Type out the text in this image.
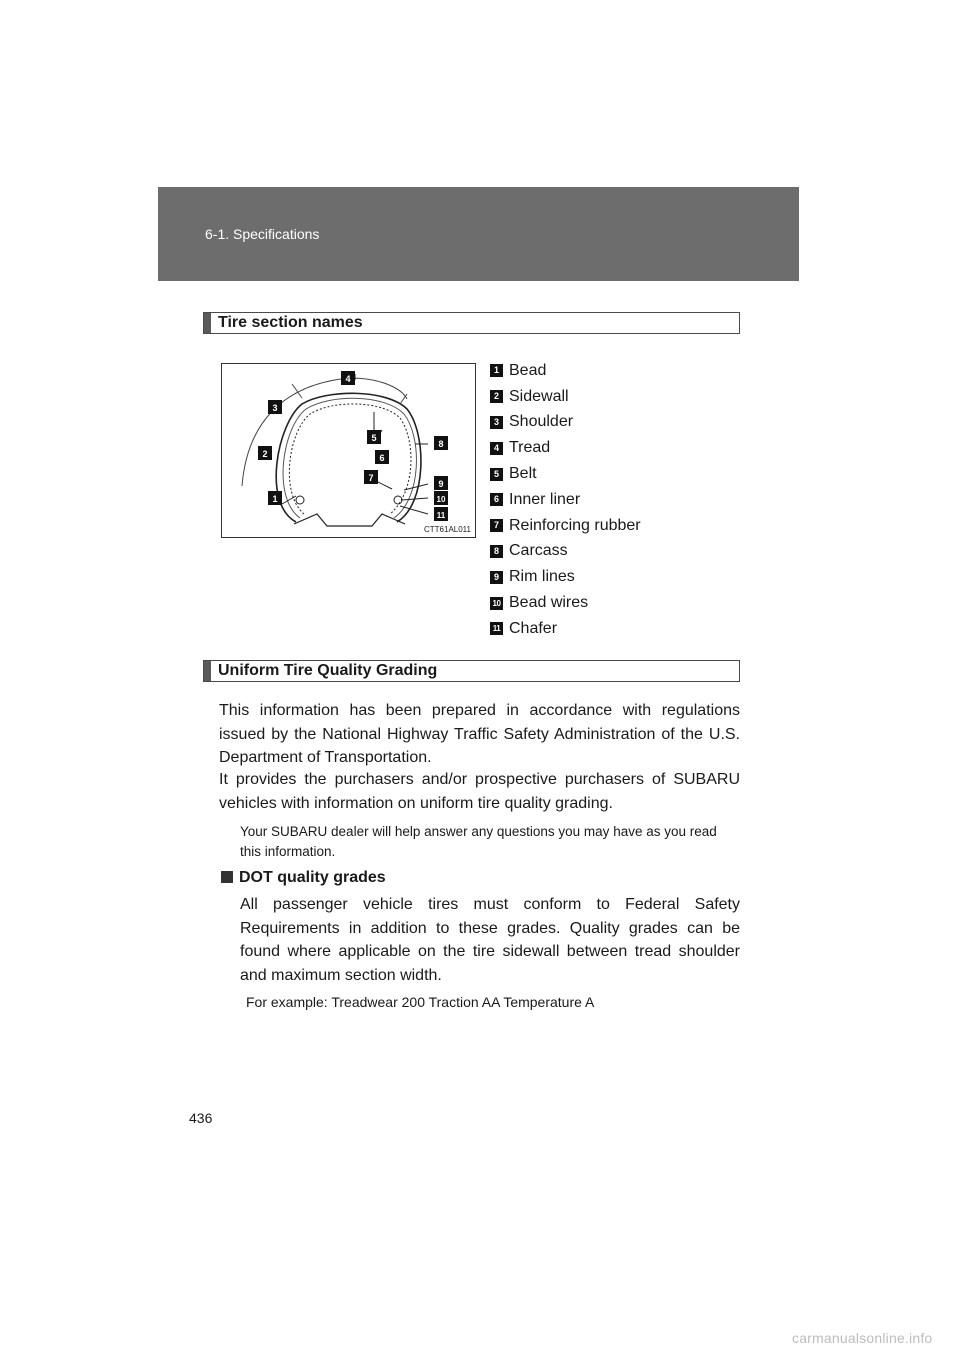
6-1. Specifications
Tire section names
1
2
3
4
5
6
7
8
9
10
11
CTT61AL011
1 Bead
2 Sidewall
3 Shoulder
4 Tread
5 Belt
6 Inner liner
7 Reinforcing rubber
8 Carcass
9 Rim lines
10 Bead wires
11 Chafer
Uniform Tire Quality Grading

This information has been prepared in accordance with regulations issued by the National Highway Traffic Safety Administration of the U.S. Department of Transportation.

It provides the purchasers and/or prospective purchasers of SUBARU vehicles with information on uniform tire quality grading.

Your SUBARU dealer will help answer any questions you may have as you read this information.

DOT quality grades

All passenger vehicle tires must conform to Federal Safety Requirements in addition to these grades. Quality grades can be found where applicable on the tire sidewall between tread shoulder and maximum section width.

For example: Treadwear 200 Traction AA Temperature A
436
carmanualsonline.info
